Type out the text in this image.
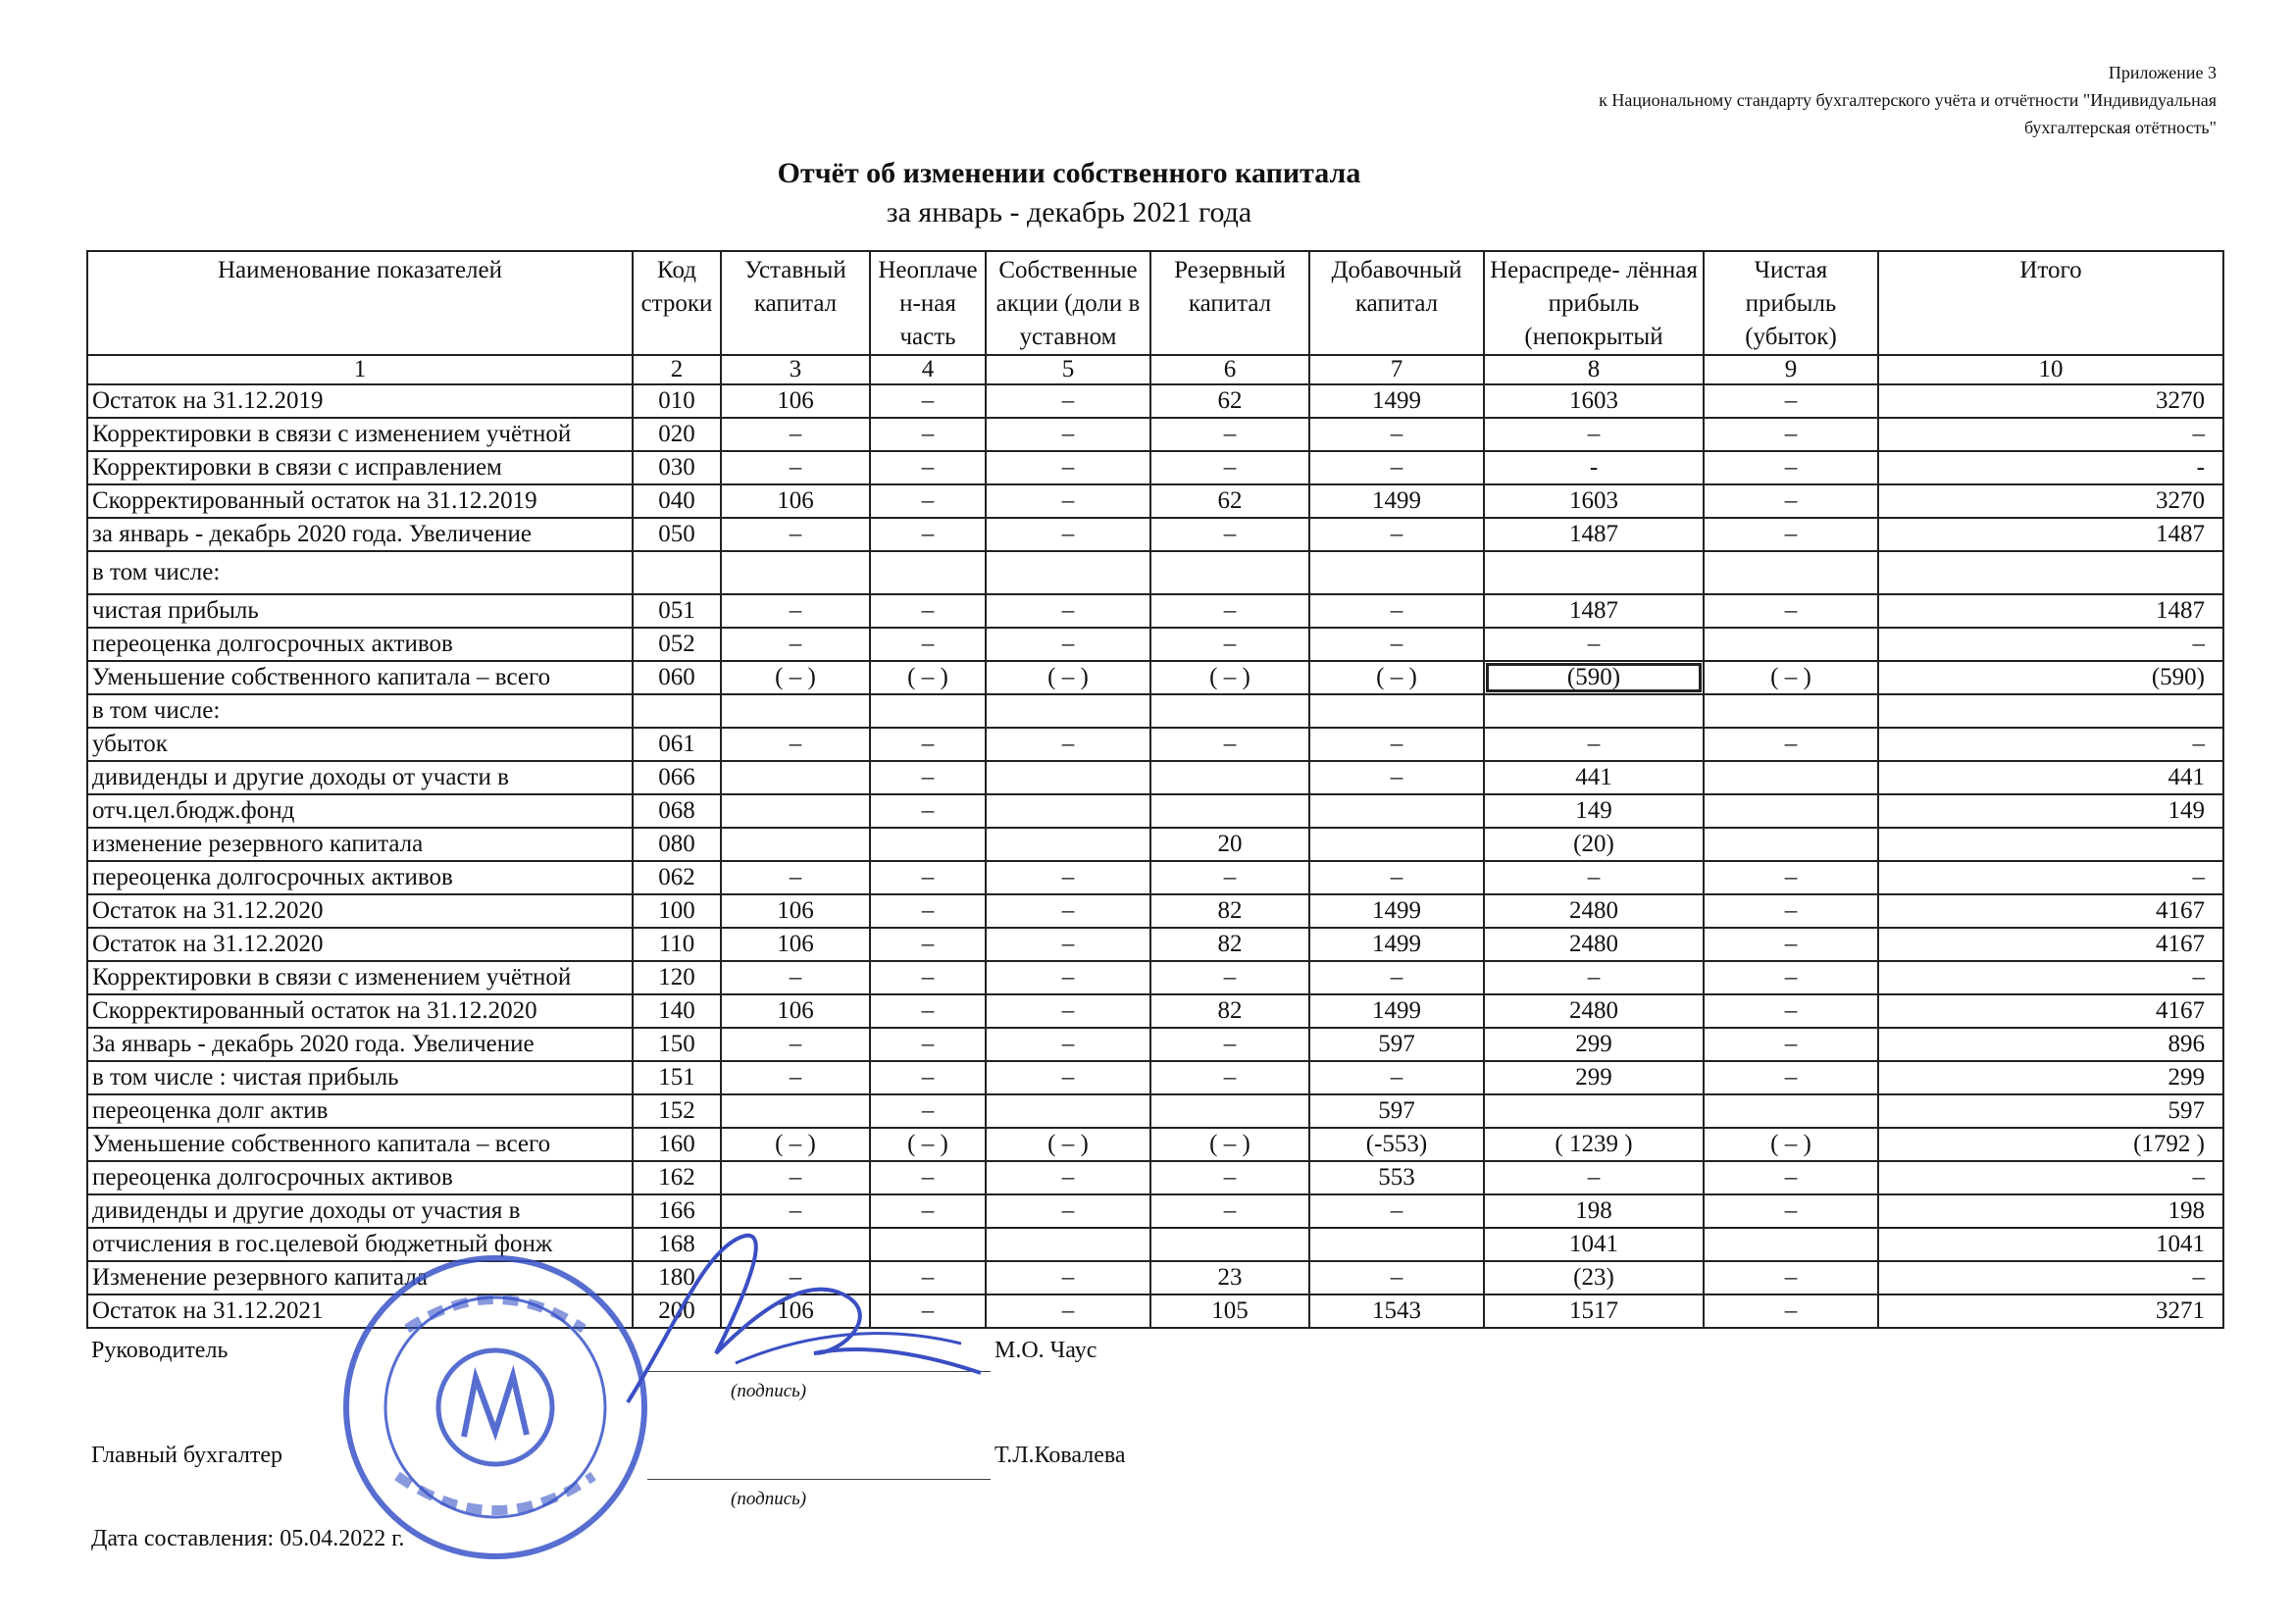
Приложение 3
к Национальному стандарту бухгалтерского учёта и отчётности "Индивидуальная
бухгалтерская отётность"
Отчёт об изменении собственного капитала
за январь - декабрь 2021 года
Наименование показателей	Код строки	Уставный капитал	Неоплаче н-ная часть	Собственные акции (доли в уставном	Резервный капитал	Добавочный капитал	Нераспреде- лённая прибыль (непокрытый	Чистая прибыль (убыток)	Итого
1	2	3	4	5	6	7	8	9	10
Остаток на 31.12.2019	010	106	–	–	62	1499	1603	–	3270
Корректировки в связи с изменением учётной	020	–	–	–	–	–	–	–	–
Корректировки в связи с исправлением	030	–	–	–	–	–	-	–	-
Скорректированный остаток на 31.12.2019	040	106	–	–	62	1499	1603	–	3270
за январь - декабрь 2020 года. Увеличение	050	–	–	–	–	–	1487	–	1487
в том числе:									
чистая прибыль	051	–	–	–	–	–	1487	–	1487
переоценка долгосрочных активов	052	–	–	–	–	–	–		–
Уменьшение собственного капитала – всего	060	( – )	( – )	( – )	( – )	( – )	(590)	( – )	(590)
в том числе:									
убыток	061	–	–	–	–	–	–	–	–
дивиденды и другие доходы от участи в	066		–			–	441		441
отч.цел.бюдж.фонд	068		–				149		149
изменение резервного капитала	080				20		(20)		
переоценка долгосрочных активов	062	–	–	–	–	–	–	–	–
Остаток на 31.12.2020	100	106	–	–	82	1499	2480	–	4167
Остаток на 31.12.2020	110	106	–	–	82	1499	2480	–	4167
Корректировки в связи с изменением учётной	120	–	–	–	–	–	–	–	–
Скорректированный остаток на 31.12.2020	140	106	–	–	82	1499	2480	–	4167
За январь - декабрь 2020 года. Увеличение	150	–	–	–	–	597	299	–	896
в том числе : чистая прибыль	151	–	–	–	–	–	299	–	299
переоценка долг актив	152		–			597			597
Уменьшение собственного капитала – всего	160	( – )	( – )	( – )	( – )	(-553)	( 1239 )	( – )	(1792 )
переоценка долгосрочных активов	162	–	–	–	–	553	–	–	–
дивиденды и другие доходы от участия в	166	–	–	–	–	–	198	–	198
отчисления в гос.целевой бюджетный фонж	168						1041		1041
Изменение резервного капитала	180	–	–	–	23	–	(23)	–	–
Остаток на 31.12.2021	200	106	–	–	105	1543	1517	–	3271
Руководитель
(подпись)
М.О. Чаус
Главный бухгалтер
(подпись)
Т.Л.Ковалева
Дата составления: 05.04.2022 г.
